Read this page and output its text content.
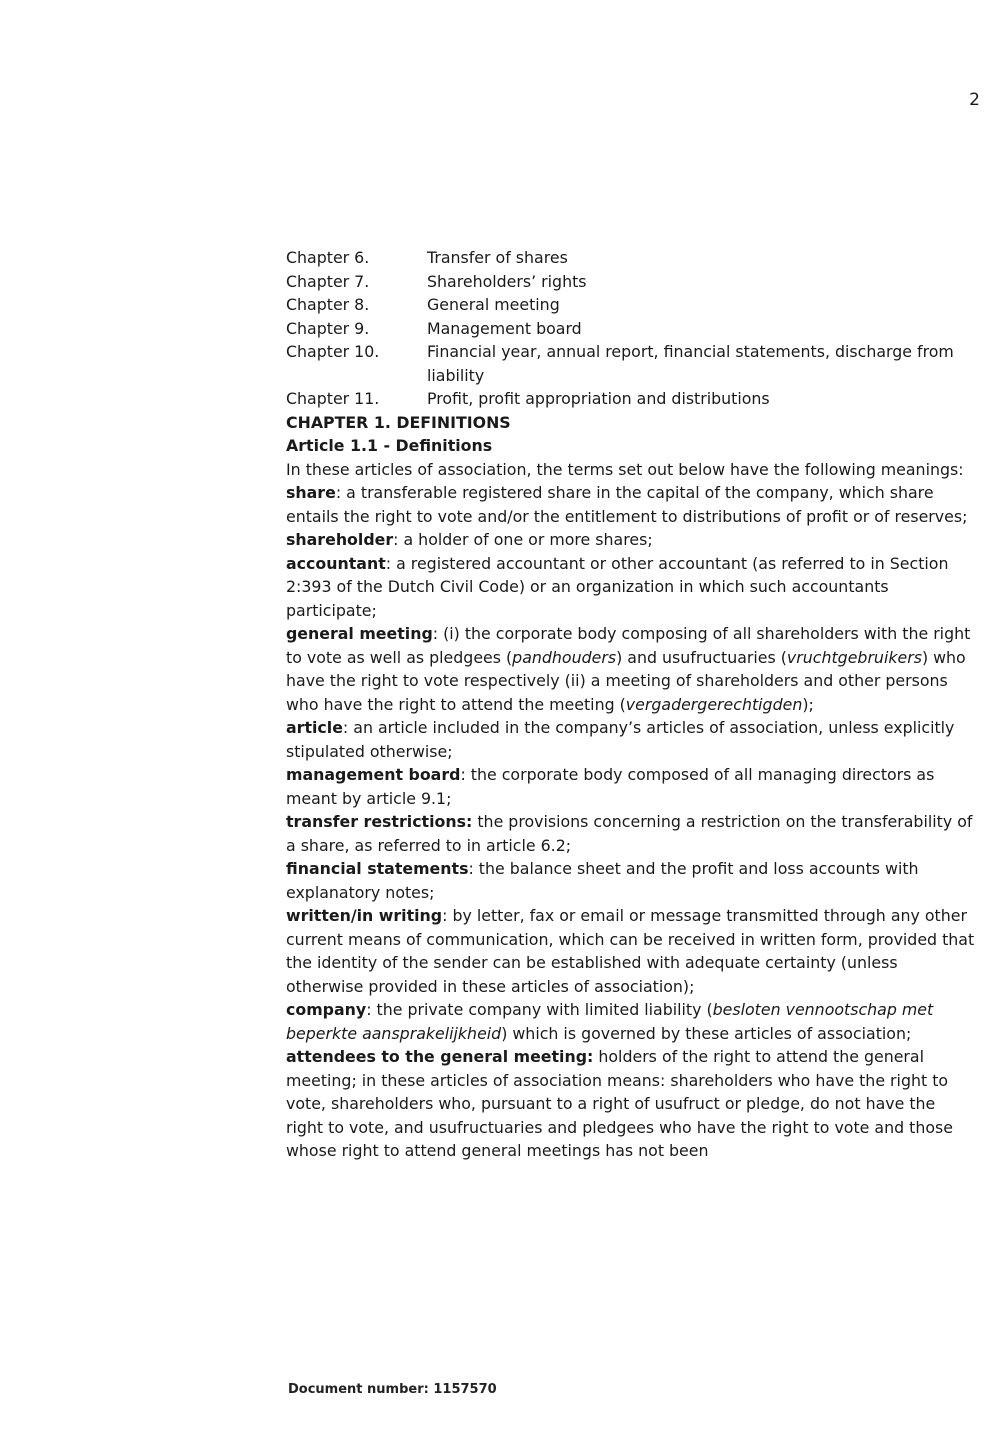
2
Chapter 6.	Transfer of shares
Chapter 7.	Shareholders’ rights
Chapter 8.	General meeting
Chapter 9.	Management board
Chapter 10.	Financial year, annual report, financial statements, discharge from liability
Chapter 11.	Profit, profit appropriation and distributions
CHAPTER 1. DEFINITIONS
Article 1.1 - Definitions
In these articles of association, the terms set out below have the following meanings:
share: a transferable registered share in the capital of the company, which share entails the right to vote and/or the entitlement to distributions of profit or of reserves;
shareholder: a holder of one or more shares;
accountant: a registered accountant or other accountant (as referred to in Section 2:393 of the Dutch Civil Code) or an organization in which such accountants participate;
general meeting: (i) the corporate body composing of all shareholders with the right to vote as well as pledgees (pandhouders) and usufructuaries (vruchtgebruikers) who have the right to vote respectively (ii) a meeting of shareholders and other persons who have the right to attend the meeting (vergadergerechtigden);
article: an article included in the company’s articles of association, unless explicitly stipulated otherwise;
management board: the corporate body composed of all managing directors as meant by article 9.1;
transfer restrictions: the provisions concerning a restriction on the transferability of a share, as referred to in article 6.2;
financial statements: the balance sheet and the profit and loss accounts with explanatory notes;
written/in writing: by letter, fax or email or message transmitted through any other current means of communication, which can be received in written form, provided that the identity of the sender can be established with adequate certainty (unless otherwise provided in these articles of association);
company: the private company with limited liability (besloten vennootschap met beperkte aansprakelijkheid) which is governed by these articles of association;
attendees to the general meeting: holders of the right to attend the general meeting; in these articles of association means: shareholders who have the right to vote, shareholders who, pursuant to a right of usufruct or pledge, do not have the right to vote, and usufructuaries and pledgees who have the right to vote and those whose right to attend general meetings has not been
Document number: 1157570
